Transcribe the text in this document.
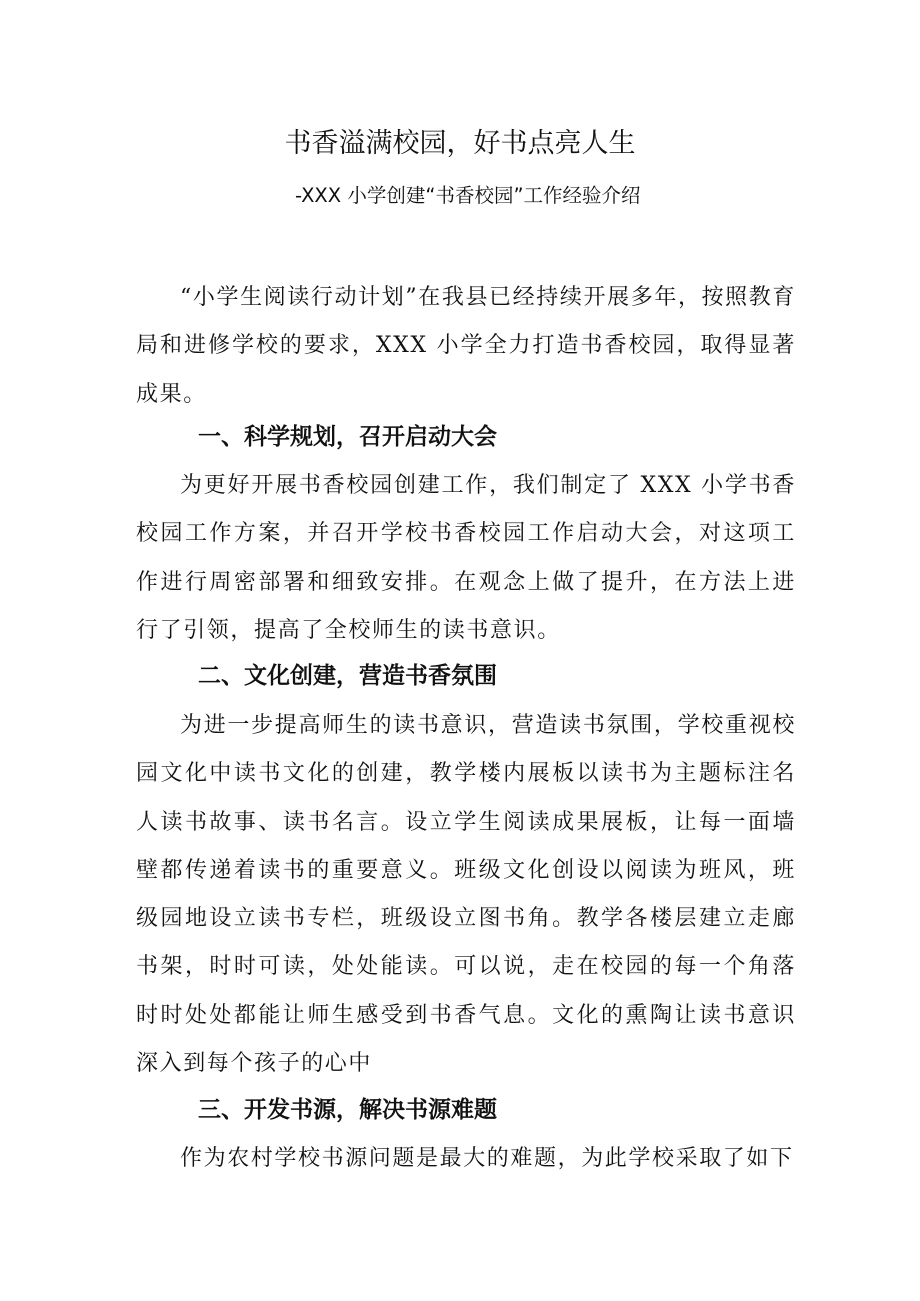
书香溢满校园，好书点亮人生
-XXX 小学创建“书香校园”工作经验介绍

“小学生阅读行动计划”在我县已经持续开展多年，按照教育局和进修学校的要求，XXX 小学全力打造书香校园，取得显著成果。

一、科学规划，召开启动大会

为更好开展书香校园创建工作，我们制定了 XXX 小学书香校园工作方案，并召开学校书香校园工作启动大会，对这项工作进行周密部署和细致安排。在观念上做了提升，在方法上进行了引领，提高了全校师生的读书意识。

二、文化创建，营造书香氛围

为进一步提高师生的读书意识，营造读书氛围，学校重视校园文化中读书文化的创建，教学楼内展板以读书为主题标注名人读书故事、读书名言。设立学生阅读成果展板，让每一面墙壁都传递着读书的重要意义。班级文化创设以阅读为班风，班级园地设立读书专栏，班级设立图书角。教学各楼层建立走廊书架，时时可读，处处能读。可以说，走在校园的每一个角落时时处处都能让师生感受到书香气息。文化的熏陶让读书意识深入到每个孩子的心中

三、开发书源，解决书源难题

作为农村学校书源问题是最大的难题，为此学校采取了如下
